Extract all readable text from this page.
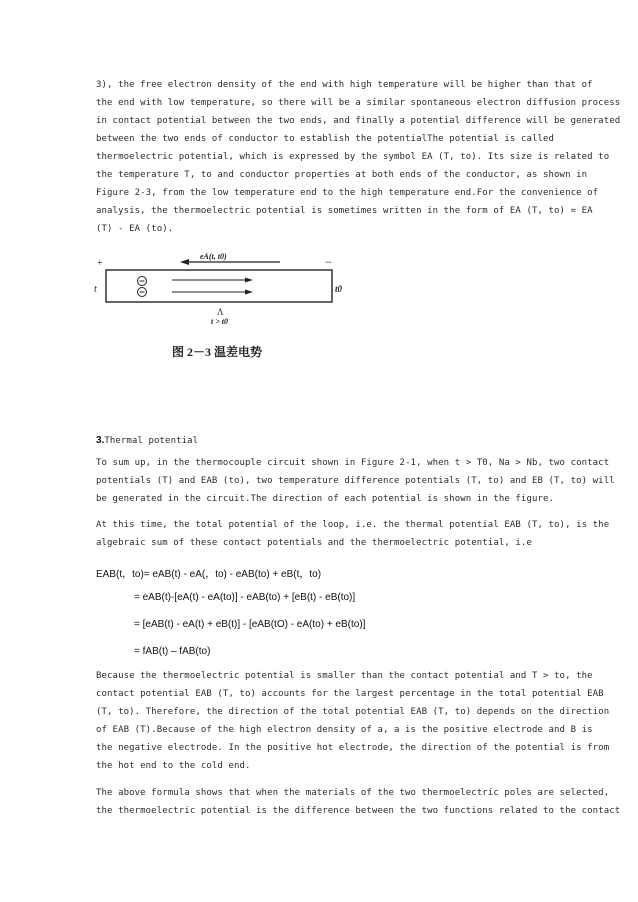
3), the free electron density of the end with high temperature will be higher than that of
the end with low temperature, so there will be a similar spontaneous electron diffusion process
in contact potential between the two ends, and finally a potential difference will be generated
between the two ends of conductor to establish the potentialThe potential is called
thermoelectric potential, which is expressed by the symbol EA (T, to). Its size is related to
the temperature T, to and conductor properties at both ends of the conductor, as shown in
Figure 2-3, from the low temperature end to the high temperature end.For the convenience of
analysis, the thermoelectric potential is sometimes written in the form of EA (T, to) = EA
(T) - EA (to).
+	−
eA(t, t0)
t	t0
Λ
t > t0
图 2－3 温差电势
3.Thermal potential
To sum up, in the thermocouple circuit shown in Figure 2-1, when t > T0, Na > Nb, two contact
potentials (T) and EAB (to), two temperature difference potentials (T, to) and EB (T, to) will
be generated in the circuit.The direction of each potential is shown in the figure.
At this time, the total potential of the loop, i.e. the thermal potential EAB (T, to), is the
algebraic sum of these contact potentials and the thermoelectric potential, i.e
EAB(t，to)= eAB(t) - eA(，to) - eAB(to) + eB(t，to)
= eAB(t)-[eA(t) - eA(to)] - eAB(to) + [eB(t) - eB(to)]
= [eAB(t) - eA(t) + eB(t)] - [eAB(tO) - eA(to) + eB(to)]
= fAB(t) – fAB(to)
Because the thermoelectric potential is smaller than the contact potential and T > to, the
contact potential EAB (T, to) accounts for the largest percentage in the total potential EAB
(T, to). Therefore, the direction of the total potential EAB (T, to) depends on the direction
of EAB (T).Because of the high electron density of a, a is the positive electrode and B is
the negative electrode. In the positive hot electrode, the direction of the potential is from
the hot end to the cold end.
The above formula shows that when the materials of the two thermoelectric poles are selected,
the thermoelectric potential is the difference between the two functions related to the contact
